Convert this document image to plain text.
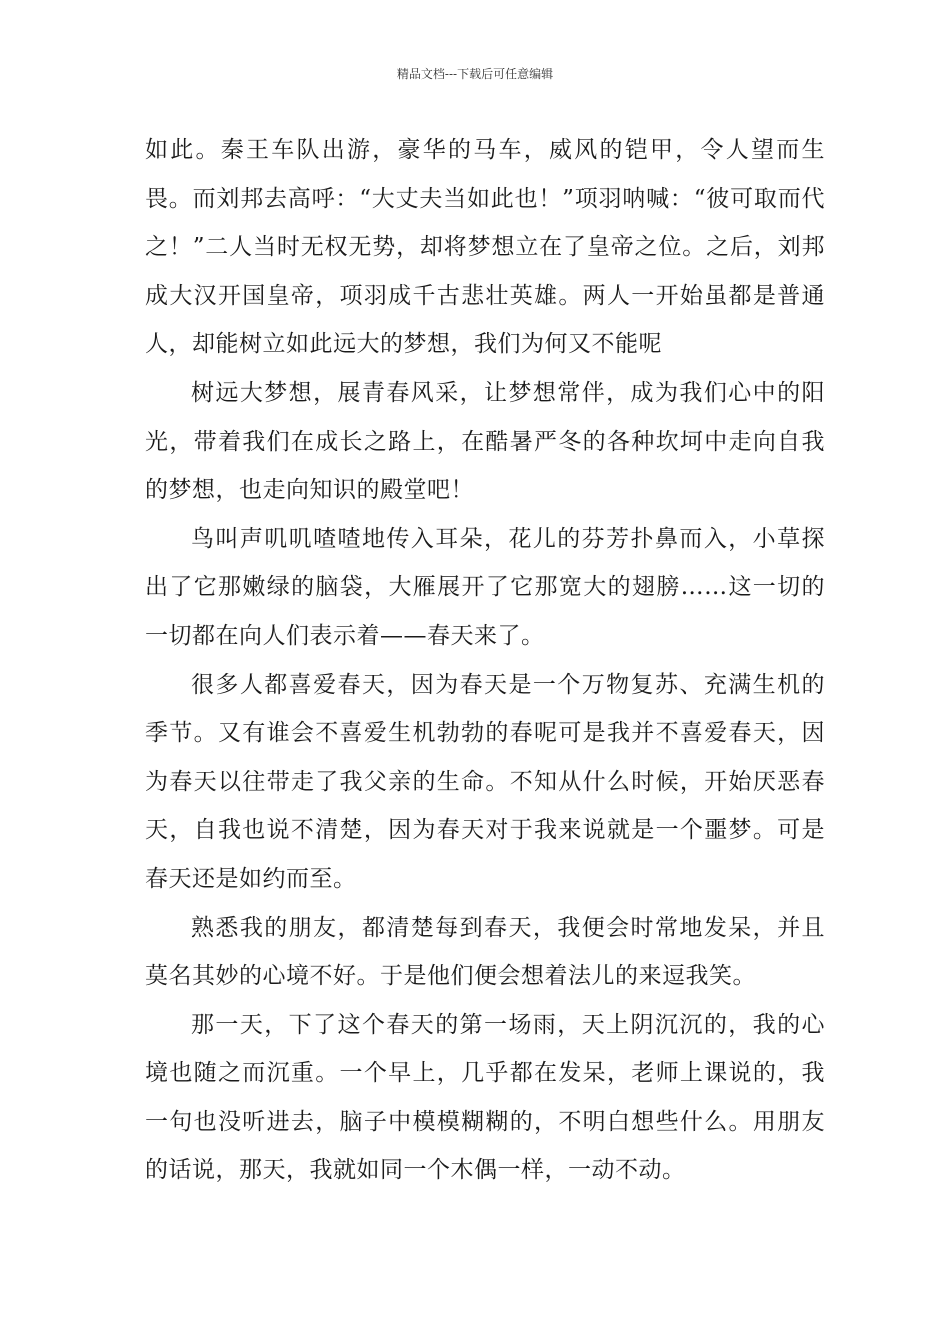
精品文档---下载后可任意编辑

如此。秦王车队出游，豪华的马车，威风的铠甲，令人望而生畏。而刘邦去高呼：“大丈夫当如此也！”项羽呐喊：“彼可取而代之！”二人当时无权无势，却将梦想立在了皇帝之位。之后，刘邦成大汉开国皇帝，项羽成千古悲壮英雄。两人一开始虽都是普通人，却能树立如此远大的梦想，我们为何又不能呢

树远大梦想，展青春风采，让梦想常伴，成为我们心中的阳光，带着我们在成长之路上，在酷暑严冬的各种坎坷中走向自我的梦想，也走向知识的殿堂吧！

鸟叫声叽叽喳喳地传入耳朵，花儿的芬芳扑鼻而入，小草探出了它那嫩绿的脑袋，大雁展开了它那宽大的翅膀……这一切的一切都在向人们表示着——春天来了。

很多人都喜爱春天，因为春天是一个万物复苏、充满生机的季节。又有谁会不喜爱生机勃勃的春呢可是我并不喜爱春天，因为春天以往带走了我父亲的生命。不知从什么时候，开始厌恶春天，自我也说不清楚，因为春天对于我来说就是一个噩梦。可是春天还是如约而至。

熟悉我的朋友，都清楚每到春天，我便会时常地发呆，并且莫名其妙的心境不好。于是他们便会想着法儿的来逗我笑。

那一天，下了这个春天的第一场雨，天上阴沉沉的，我的心境也随之而沉重。一个早上，几乎都在发呆，老师上课说的，我一句也没听进去，脑子中模模糊糊的，不明白想些什么。用朋友的话说，那天，我就如同一个木偶一样，一动不动。
